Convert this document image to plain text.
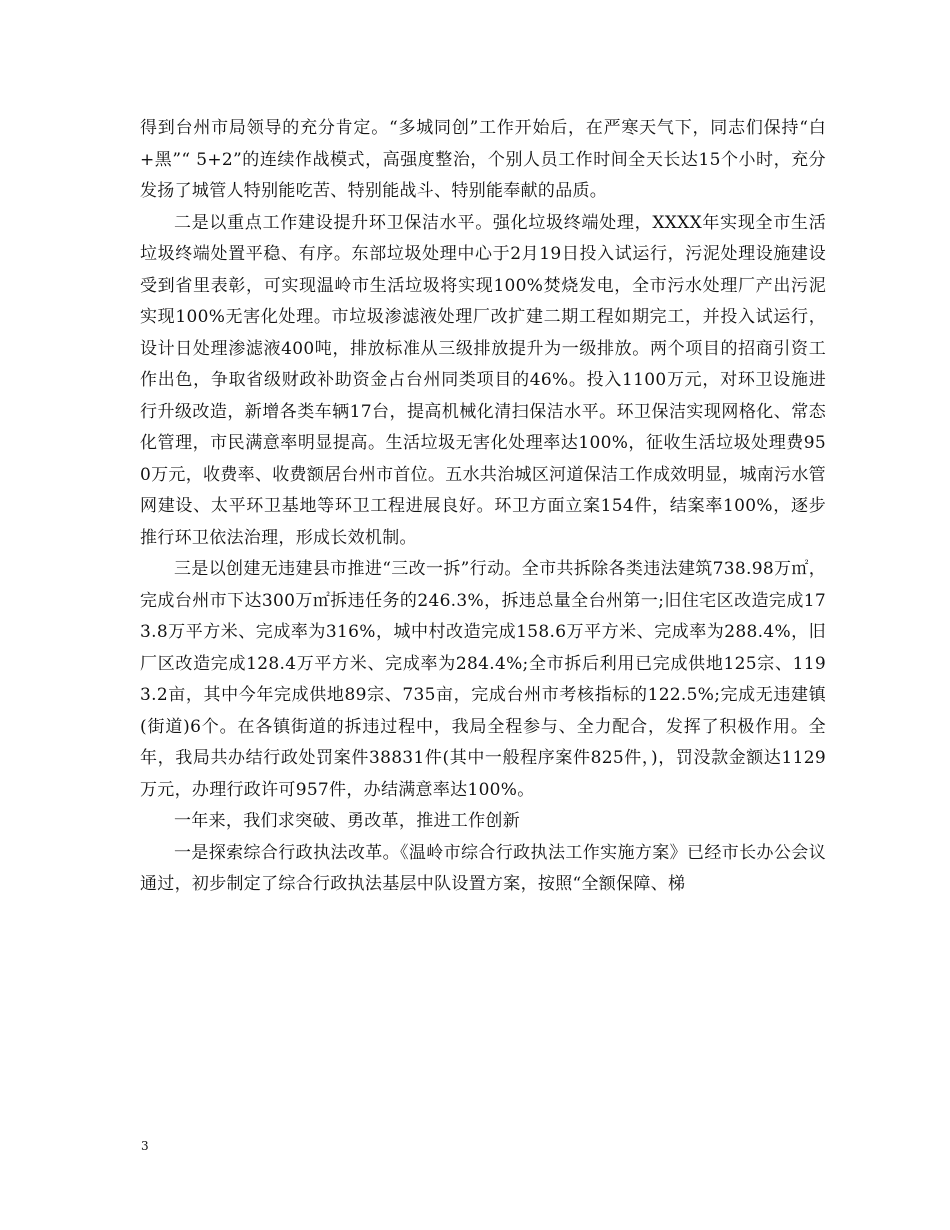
得到台州市局领导的充分肯定。“多城同创”工作开始后，在严寒天气下，同志们保持“白+黑”“ 5+2”的连续作战模式，高强度整治，个别人员工作时间全天长达15个小时，充分发扬了城管人特别能吃苦、特别能战斗、特别能奉献的品质。

二是以重点工作建设提升环卫保洁水平。强化垃圾终端处理，XXXX年实现全市生活垃圾终端处置平稳、有序。东部垃圾处理中心于2月19日投入试运行，污泥处理设施建设受到省里表彰，可实现温岭市生活垃圾将实现100%焚烧发电，全市污水处理厂产出污泥实现100%无害化处理。市垃圾渗滤液处理厂改扩建二期工程如期完工，并投入试运行，设计日处理渗滤液400吨，排放标准从三级排放提升为一级排放。两个项目的招商引资工作出色，争取省级财政补助资金占台州同类项目的46%。投入1100万元，对环卫设施进行升级改造，新增各类车辆17台，提高机械化清扫保洁水平。环卫保洁实现网格化、常态化管理，市民满意率明显提高。生活垃圾无害化处理率达100%，征收生活垃圾处理费950万元，收费率、收费额居台州市首位。五水共治城区河道保洁工作成效明显，城南污水管网建设、太平环卫基地等环卫工程进展良好。环卫方面立案154件，结案率100%，逐步推行环卫依法治理，形成长效机制。

三是以创建无违建县市推进“三改一拆”行动。全市共拆除各类违法建筑738.98万㎡，完成台州市下达300万㎡拆违任务的246.3%，拆违总量全台州第一;旧住宅区改造完成173.8万平方米、完成率为316%，城中村改造完成158.6万平方米、完成率为288.4%，旧厂区改造完成128.4万平方米、完成率为284.4%;全市拆后利用已完成供地125宗、1193.2亩，其中今年完成供地89宗、735亩，完成台州市考核指标的122.5%;完成无违建镇(街道)6个。在各镇街道的拆违过程中，我局全程参与、全力配合，发挥了积极作用。全年，我局共办结行政处罚案件38831件(其中一般程序案件825件，)，罚没款金额达1129万元，办理行政许可957件，办结满意率达100%。

一年来，我们求突破、勇改革，推进工作创新

一是探索综合行政执法改革。《温岭市综合行政执法工作实施方案》已经市长办公会议通过，初步制定了综合行政执法基层中队设置方案，按照“全额保障、梯

3
